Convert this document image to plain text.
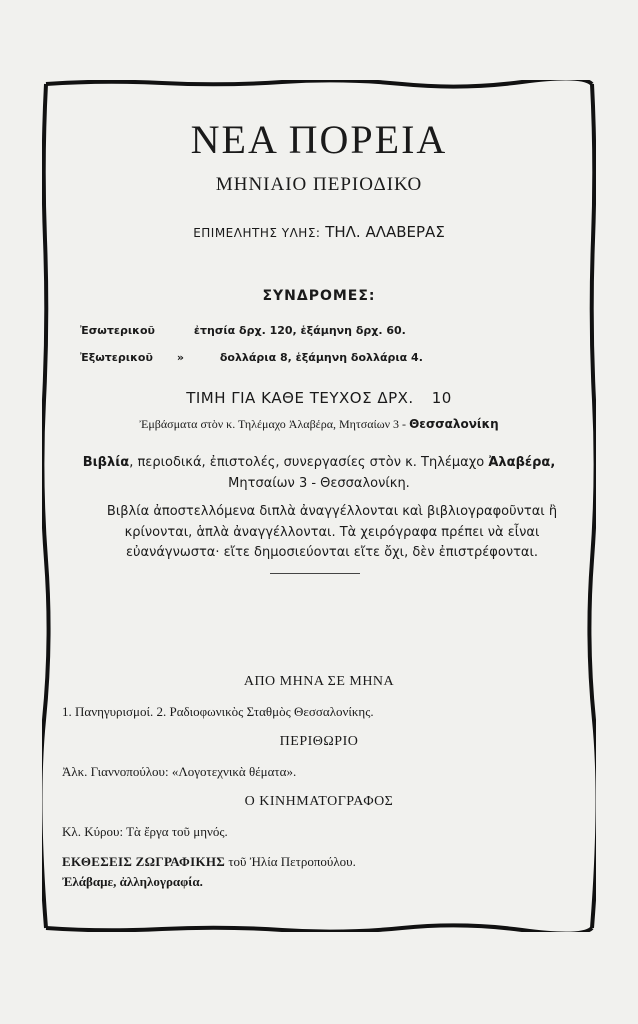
ΝΕΑ ΠΟΡΕΙΑ
ΜΗΝΙΑΙΟ ΠΕΡΙΟΔΙΚΟ
ΕΠΙΜΕΛΗΤΗΣ ΥΛΗΣ: ΤΗΛ. ΑΛΑΒΕΡΑΣ
ΣΥΝΔΡΟΜΕΣ:
Ἐσωτερικοῦ	ἐτησία δρχ. 120, ἑξάμηνη δρχ. 60.
Ἐξωτερικοῦ »	δολλάρια 8, ἑξάμηνη δολλάρια 4.
ΤΙΜΗ ΓΙΑ ΚΑΘΕ ΤΕΥΧΟΣ ΔΡΧ. 10
Ἐμβάσματα στὸν κ. Τηλέμαχο Ἀλαβέρα, Μητσαίων 3 - Θεσσαλονίκη
Βιβλία, περιοδικά, ἐπιστολές, συνεργασίες στὸν κ. Τηλέμαχο Ἀλαβέρα,
Μητσαίων 3 - Θεσσαλονίκη.
Βιβλία ἀποστελλόμενα διπλὰ ἀναγγέλλονται καὶ βιβλιογραφοῦνται ἢ κρίνονται, ἁπλὰ ἀναγγέλλονται. Τὰ χειρόγραφα πρέπει νὰ εἶναι εὐανάγνωστα· εἴτε δημοσιεύονται εἴτε ὄχι, δὲν ἐπιστρέφονται.
ΑΠΟ ΜΗΝΑ ΣΕ ΜΗΝΑ
1. Πανηγυρισμοί. 2. Ραδιοφωνικὸς Σταθμὸς Θεσσαλονίκης.
ΠΕΡΙΘΩΡΙΟ
Ἀλκ. Γιαννοπούλου: «Λογοτεχνικὰ θέματα».
Ο ΚΙΝΗΜΑΤΟΓΡΑΦΟΣ
Κλ. Κύρου: Τὰ ἔργα τοῦ μηνός.
ΕΚΘΕΣΕΙΣ ΖΩΓΡΑΦΙΚΗΣ τοῦ Ἠλία Πετροπούλου.
Ἐλάβαμε, ἀλληλογραφία.
